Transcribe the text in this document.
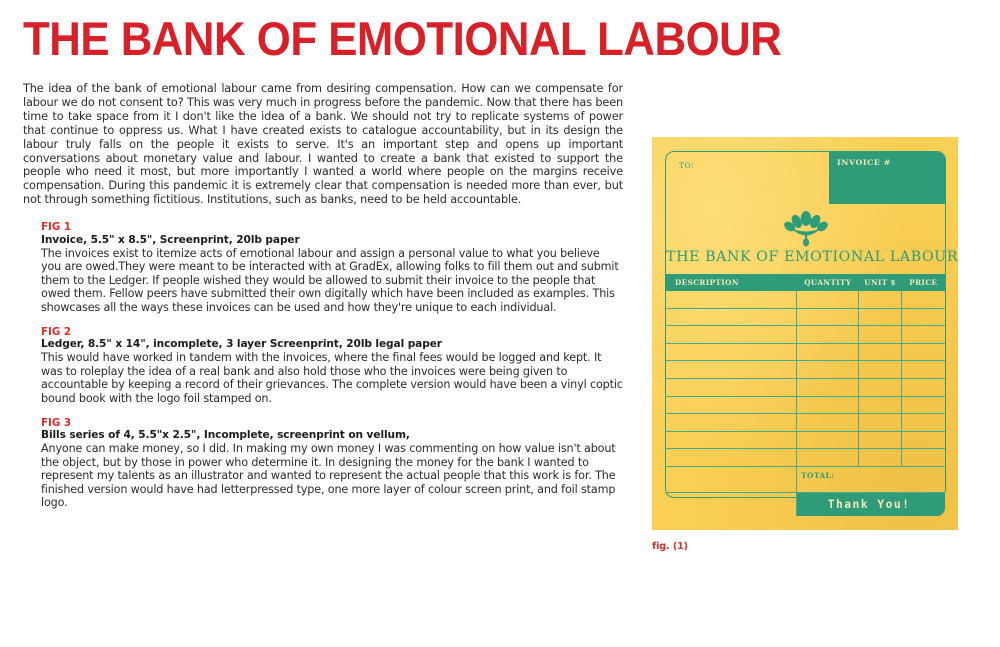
THE BANK OF EMOTIONAL LABOUR

The idea of the bank of emotional labour came from desiring compensation. How can we compensate for labour we do not consent to? This was very much in progress before the pandemic. Now that there has been time to take space from it I don't like the idea of a bank. We should not try to replicate systems of power that continue to oppress us. What I have created exists to catalogue accountability, but in its design the labour truly falls on the people it exists to serve. It's an important step and opens up important conversations about monetary value and labour. I wanted to create a bank that existed to support the people who need it most, but more importantly I wanted a world where people on the margins receive compensation. During this pandemic it is extremely clear that compensation is needed more than ever, but not through something fictitious. Institutions, such as banks, need to be held accountable.

FIG 1
Invoice, 5.5" x 8.5", Screenprint, 20lb paper
The invoices exist to itemize acts of emotional labour and assign a personal value to what you believe you are owed.They were meant to be interacted with at GradEx, allowing folks to fill them out and submit them to the Ledger. If people wished they would be allowed to submit their invoice to the people that owed them. Fellow peers have submitted their own digitally which have been included as examples. This showcases all the ways these invoices can be used and how they're unique to each individual.
FIG 2
Ledger, 8.5" x 14", incomplete, 3 layer Screenprint, 20lb legal paper
This would have worked in tandem with the invoices, where the final fees would be logged and kept. It was to roleplay the idea of a real bank and also hold those who the invoices were being given to accountable by keeping a record of their grievances. The complete version would have been a vinyl coptic bound book with the logo foil stamped on.
FIG 3
Bills series of 4, 5.5"x 2.5", Incomplete, screenprint on vellum,
Anyone can make money, so I did. In making my own money I was commenting on how value isn't about the object, but by those in power who determine it. In designing the money for the bank I wanted to represent my talents as an illustrator and wanted to represent the actual people that this work is for. The finished version would have had letterpressed type, one more layer of colour screen print, and foil stamp logo.
TO:	INVOICE #
THE BANK OF EMOTIONAL LABOUR
DESCRIPTION	QUANTITY	UNIT $	PRICE
TOTAL:
Thank You!
fig. (1)
